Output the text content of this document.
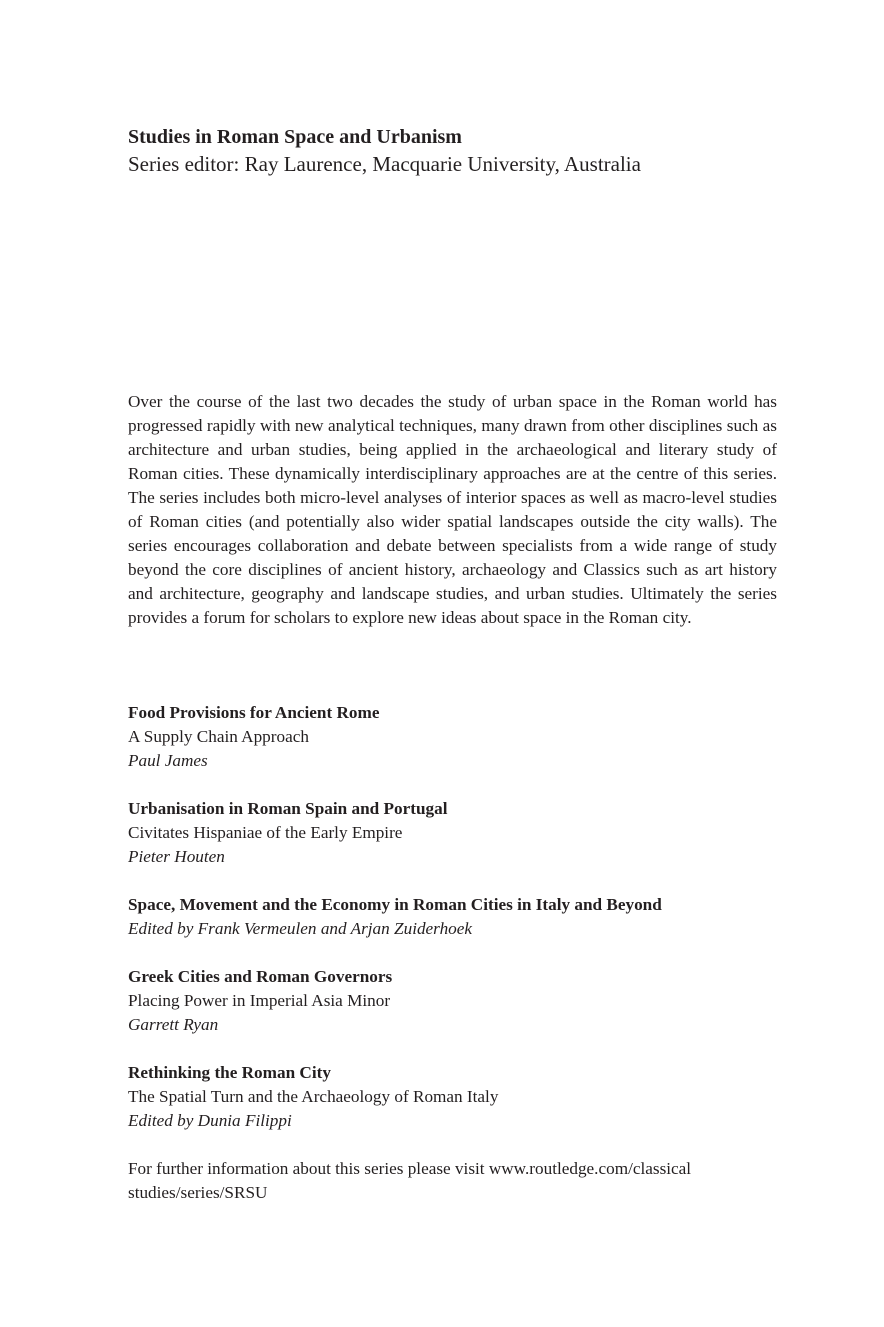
Studies in Roman Space and Urbanism
Series editor: Ray Laurence, Macquarie University, Australia

Over the course of the last two decades the study of urban space in the Roman world has progressed rapidly with new analytical techniques, many drawn from other disciplines such as architecture and urban studies, being applied in the archaeological and literary study of Roman cities. These dynamically interdisciplinary approaches are at the centre of this series. The series includes both micro-level analyses of interior spaces as well as macro-level studies of Roman cities (and potentially also wider spatial landscapes outside the city walls). The series encourages collaboration and debate between specialists from a wide range of study beyond the core disciplines of ancient history, archaeology and Classics such as art history and architecture, geography and landscape studies, and urban studies. Ultimately the series provides a forum for scholars to explore new ideas about space in the Roman city.

Food Provisions for Ancient Rome
A Supply Chain Approach
Paul James
Urbanisation in Roman Spain and Portugal
Civitates Hispaniae of the Early Empire
Pieter Houten
Space, Movement and the Economy in Roman Cities in Italy and Beyond
Edited by Frank Vermeulen and Arjan Zuiderhoek
Greek Cities and Roman Governors
Placing Power in Imperial Asia Minor
Garrett Ryan
Rethinking the Roman City
The Spatial Turn and the Archaeology of Roman Italy
Edited by Dunia Filippi

For further information about this series please visit www.routledge.com/classical studies/series/SRSU
